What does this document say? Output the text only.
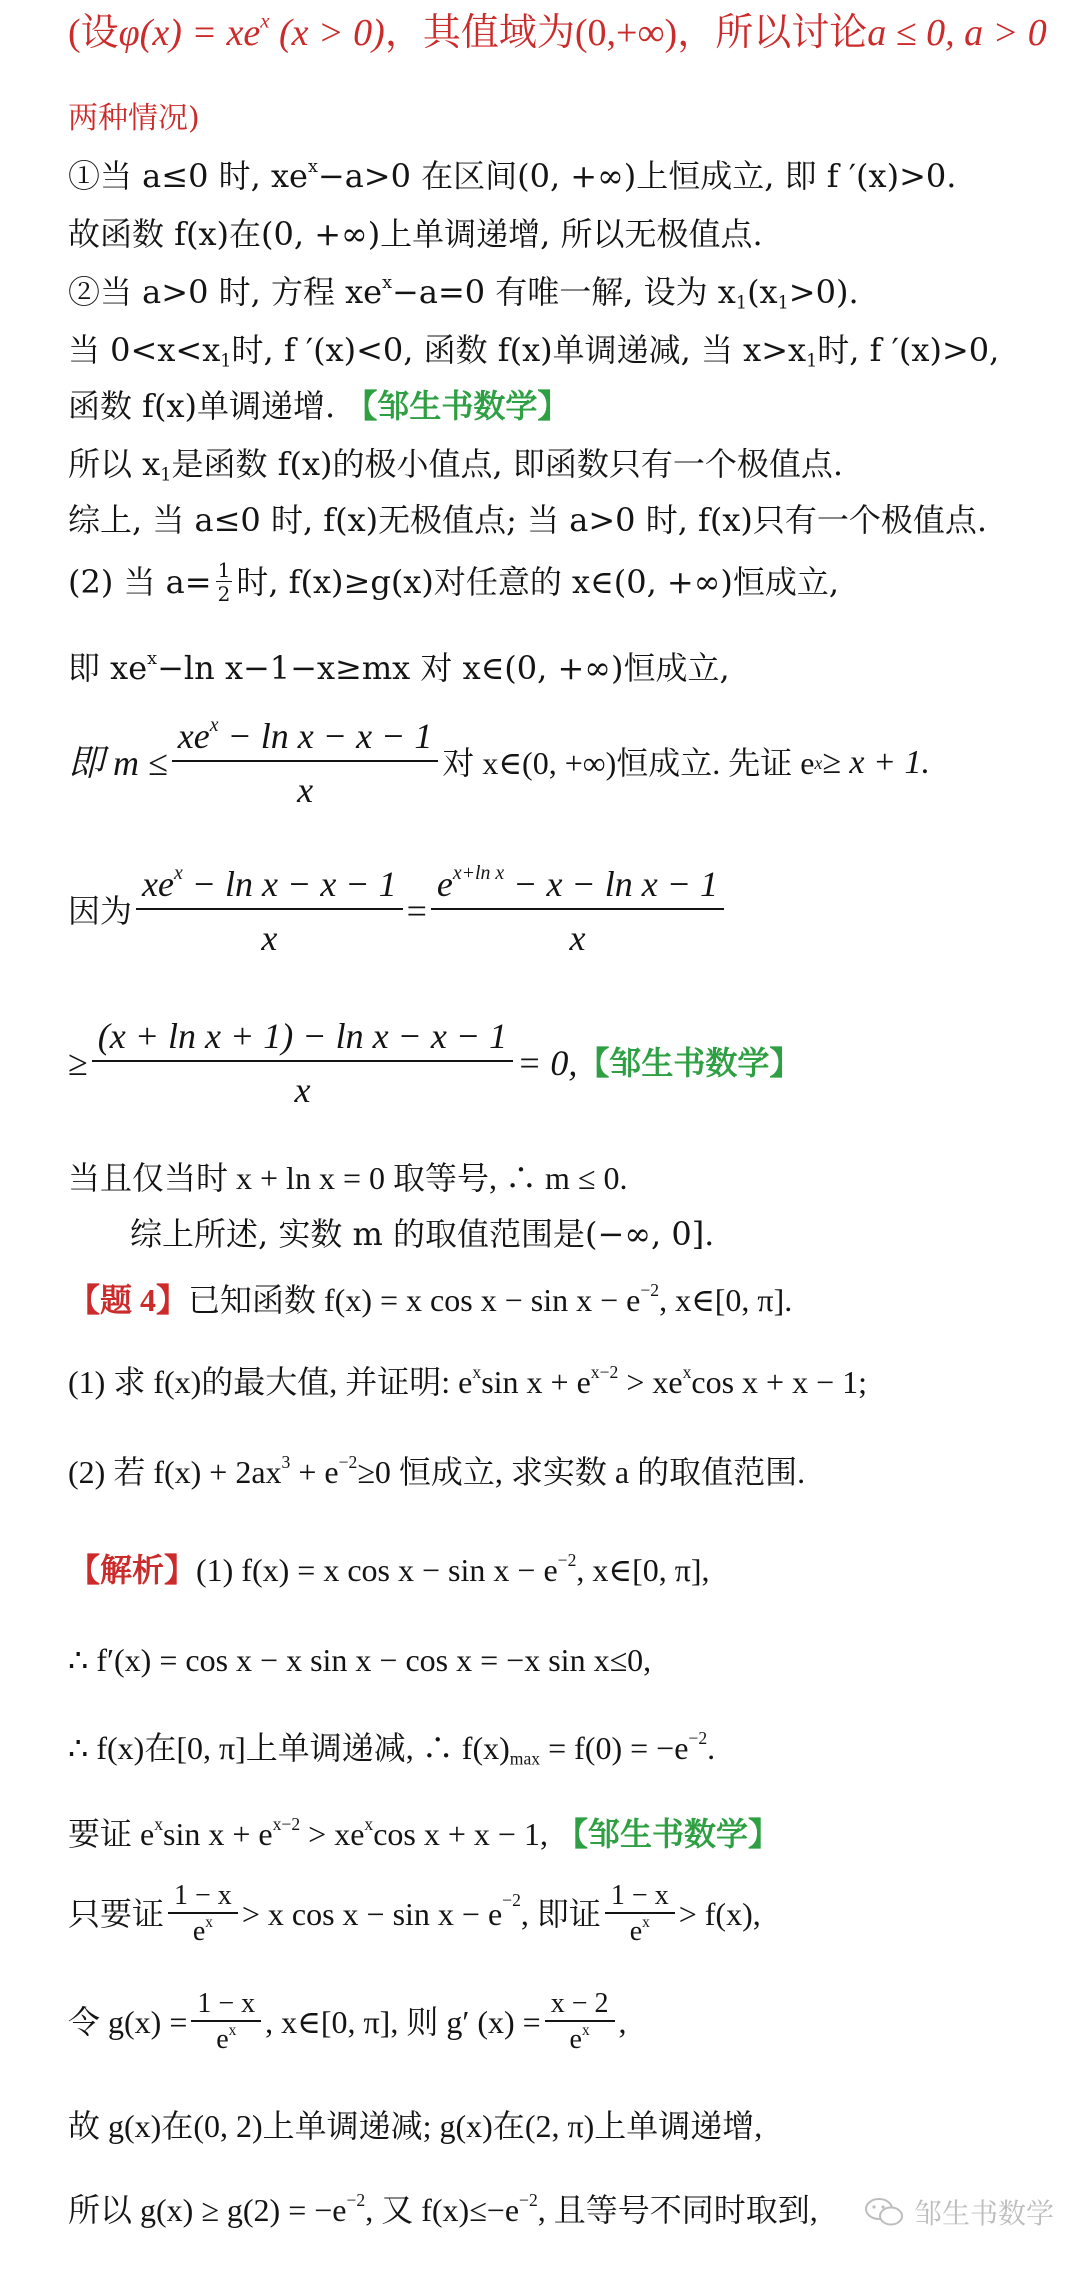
(设$\varphi(x) = xe^x$ (x > 0)，其值域为(0,+∞)，所以讨论a ≤ 0, a > 0
两种情况)
①当 a≤0 时, $xe^x-a>0$ 在区间(0, +∞)上恒成立, 即 f ′(x)>0.
故函数 f(x)在(0, +∞)上单调递增, 所以无极值点.
②当 a>0 时, 方程 $xe^x-a=0$ 有唯一解, 设为 $x_1(x_1>0)$.
当 $0<x<x_1$时, f ′(x)<0, 函数 f(x)单调递减, 当 $x>x_1$时, f ′(x)>0,
函数 f(x)单调递增. 【邹生书数学】
所以 $x_1$是函数 f(x)的极小值点, 即函数只有一个极值点.
综上, 当 a≤0 时, f(x)无极值点; 当 a>0 时, f(x)只有一个极值点.
(2) 当 $a= \frac{1}{2}$ 时, f(x)≥g(x)对任意的 x∈(0, +∞)恒成立,
即 $xe^x-\ln$ x−1−x≥mx 对 x∈(0, +∞)恒成立,
即 $m \le \frac{xe^x - \ln x - x - 1}{x}$ 对 x∈(0, +∞)恒成立. 先证 e x ≥ x + 1.
因为 $\frac{xe^x - \ln x - x - 1}{x} = \frac{e^{x+ln x} - x - \ln x - 1}{x}$
≥ $\frac{\text{(x + ln x + 1) − ln x − x − 1}}{x} = 0$, 【邹生书数学】
当且仅当时 x + ln x = 0 取等号, ∴ m ≤ 0.
综上所述, 实数 m 的取值范围是(−∞, 0].
【题 4】已知函数 f(x) = x $\cos x - \sin x - e^{-2}$, x∈[0, π].
(1) 求 f(x)的最大值, 并证明: $e^x\sin$ $x + e^{x-2} > xe^x\cos$ x + x − 1;
(2) 若 $f(x) + 2ax^3 + e^{-2}\ge 0$ 恒成立, 求实数 a 的取值范围.
【解析】(1) f(x) = x $\cos x - \sin x - e^{-2}$, x∈[0, π],
∴ f′(x) = cos x − x sin x − cos x = −x sin x≤0,
∴ f(x)在[0, π]上单调递减, ∴ $f(x)_{max} = f(0) = -e^{-2}$.
要证 $e^x\sin$ $x + e^{x-2} > xe^x\cos$ x + x − 1, 【邹生书数学】
只要证 $\frac{1 - x}{e^x} > x$ cos x − sin x − e −2 , 即证 $\frac{1 - x}{e^x} > f(x)$,
令 $g(x) = \frac{1 - x}{e^x}$ , x∈[0, π], 则 g′ $(x) = \frac{x - 2}{e^x}$ ,
故 g(x)在(0, 2)上单调递减; g(x)在(2, π)上单调递增,
所以 $g(x) \ge g(2) = -e^{-2}$, 又 $f(x)\le-e^{-2}$, 且等号不同时取到,	邹生书数学
